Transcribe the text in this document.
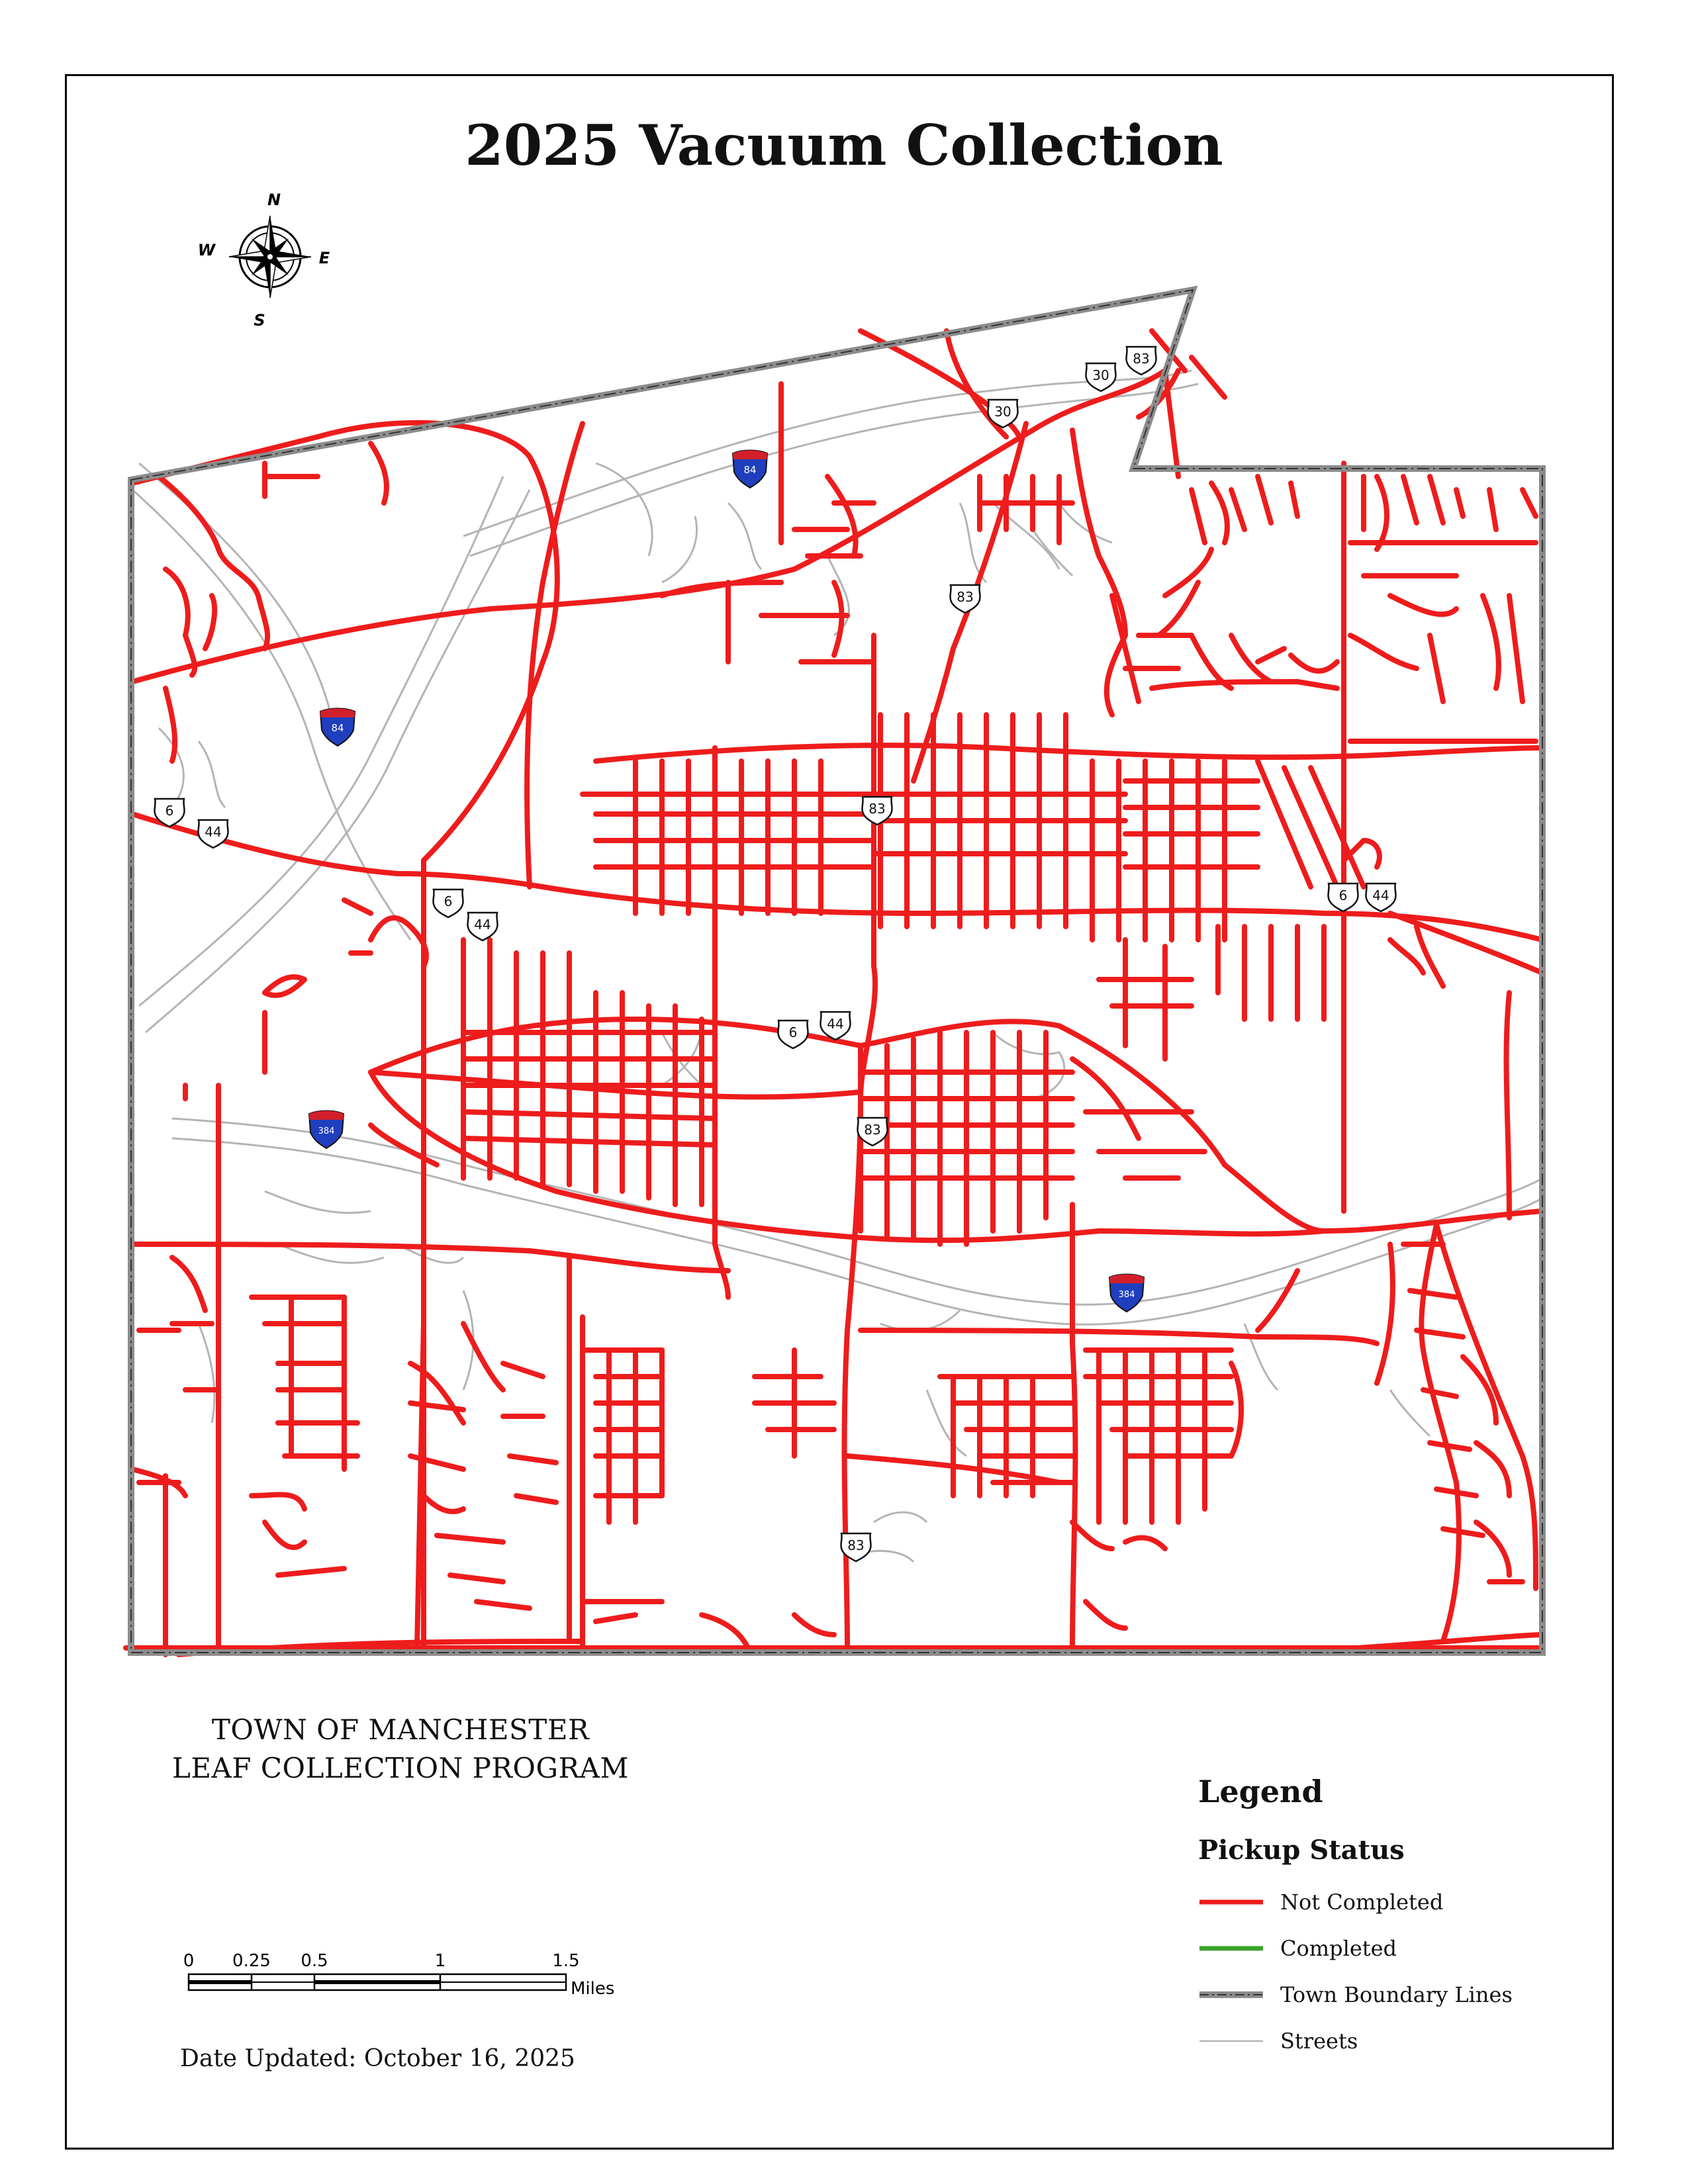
2025 Vacuum Collection
N
S
E
W
84
84
384
384
30
83
30
83
83
6
44
6
44
6
44
6 44
83
83
TOWN OF MANCHESTER
LEAF COLLECTION PROGRAM
Legend
Pickup Status
Not Completed
Completed
Town Boundary Lines
Streets
0 0.25 0.5	1	1.5
Miles
Date Updated: October 16, 2025
